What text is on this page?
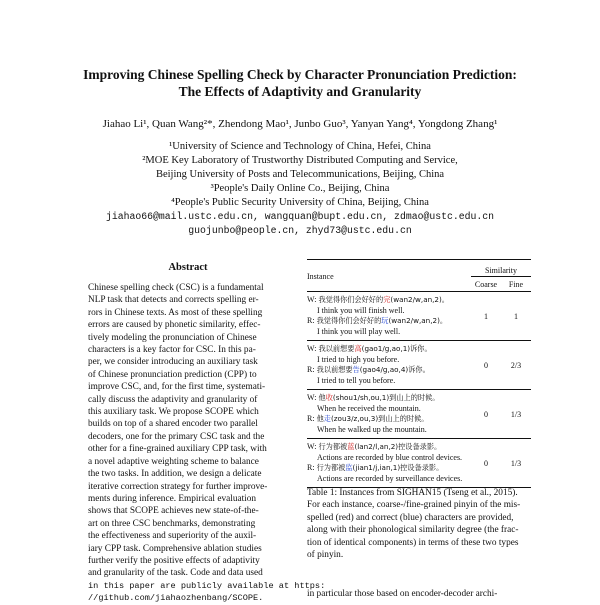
Improving Chinese Spelling Check by Character Pronunciation Prediction:
The Effects of Adaptivity and Granularity
Jiahao Li¹, Quan Wang²*, Zhendong Mao¹, Junbo Guo³, Yanyan Yang⁴, Yongdong Zhang¹
¹University of Science and Technology of China, Hefei, China
²MOE Key Laboratory of Trustworthy Distributed Computing and Service,
Beijing University of Posts and Telecommunications, Beijing, China
³People's Daily Online Co., Beijing, China
⁴People's Public Security University of China, Beijing, China
jiahao66@mail.ustc.edu.cn, wangquan@bupt.edu.cn, zdmao@ustc.edu.cn
guojunbo@people.cn, zhyd73@ustc.edu.cn
Abstract
Chinese spelling check (CSC) is a fundamental
NLP task that detects and corrects spelling er-
rors in Chinese texts. As most of these spelling
errors are caused by phonetic similarity, effec-
tively modeling the pronunciation of Chinese
characters is a key factor for CSC. In this pa-
per, we consider introducing an auxiliary task
of Chinese pronunciation prediction (CPP) to
improve CSC, and, for the first time, systemati-
cally discuss the adaptivity and granularity of
this auxiliary task. We propose SCOPE which
builds on top of a shared encoder two parallel
decoders, one for the primary CSC task and the
other for a fine-grained auxiliary CPP task, with
a novel adaptive weighting scheme to balance
the two tasks. In addition, we design a delicate
iterative correction strategy for further improve-
ments during inference. Empirical evaluation
shows that SCOPE achieves new state-of-the-
art on three CSC benchmarks, demonstrating
the effectiveness and superiority of the auxil-
iary CPP task. Comprehensive ablation studies
further verify the positive effects of adaptivity
and granularity of the task. Code and data used
in this paper are publicly available at https:
//github.com/jiahaozhenbang/SCOPE.
Instance	Similarity	
	Coarse	Fine

W: 我觉得你们会好好的完(wan2/w,an,2)。
I think you will finish well.
R: 我觉得你们会好好的玩(wan2/w,an,2)。
I think you will play well.	1	1

W: 我以前想要高(gao1/g,ao,1)诉你。
I tried to high you before.
R: 我以前想要告(gao4/g,ao,4)诉你。
I tried to tell you before.	0	2/3

W: 他收(shou1/sh,ou,1)到山上的时候。
When he received the mountain.
R: 他走(zou3/z,ou,3)到山上的时候。
When he walked up the mountain.	0	1/3

W: 行为都被蓝(lan2/l,an,2)控设备录影。
Actions are recorded by blue control devices.
R: 行为都被监(jian1/j,ian,1)控设备录影。
Actions are recorded by surveillance devices.	0	1/3
Table 1: Instances from SIGHAN15 (Tseng et al., 2015).
For each instance, coarse-/fine-grained pinyin of the mis-
spelled (red) and correct (blue) characters are provided,
along with their phonological similarity degree (the frac-
tion of identical components) in terms of these two types
of pinyin.
in particular those based on encoder-decoder archi-
